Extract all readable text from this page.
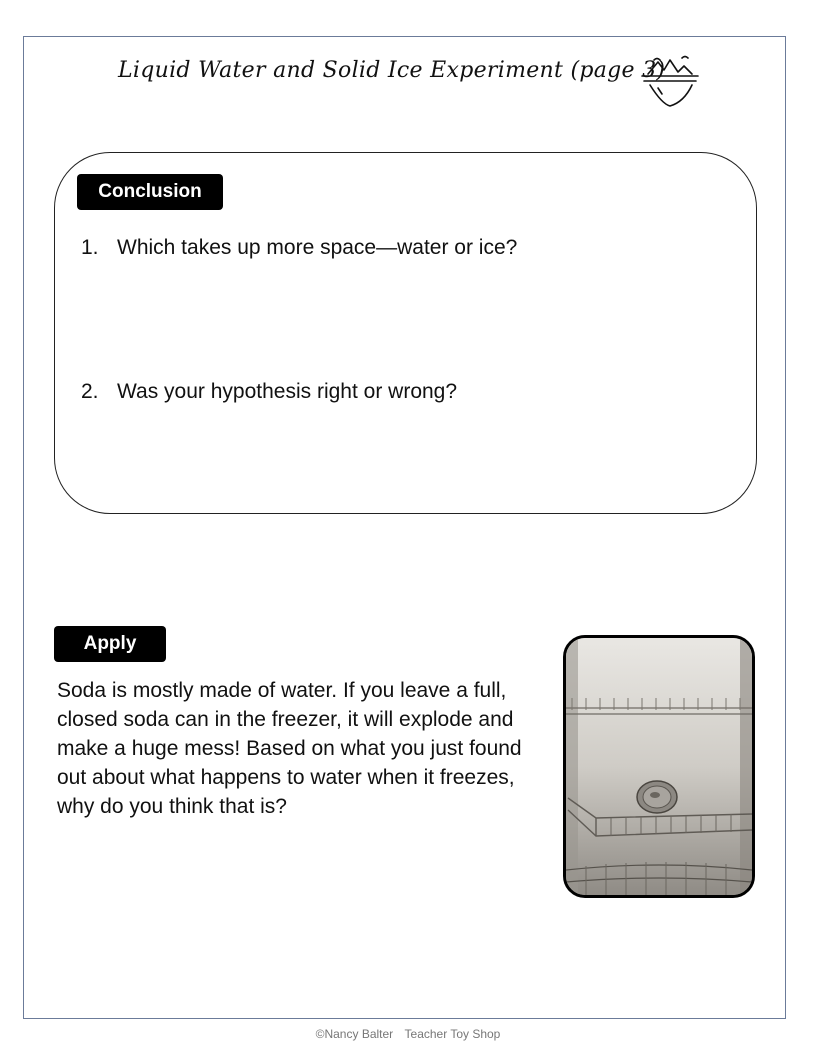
Liquid Water and Solid Ice Experiment (page 3)
Conclusion
1. Which takes up more space—water or ice?
2. Was your hypothesis right or wrong?
Apply
Soda is mostly made of water. If you leave a full, closed soda can in the freezer, it will explode and make a huge mess! Based on what you just found out about what happens to water when it freezes, why do you think that is?
©Nancy Balter Teacher Toy Shop
